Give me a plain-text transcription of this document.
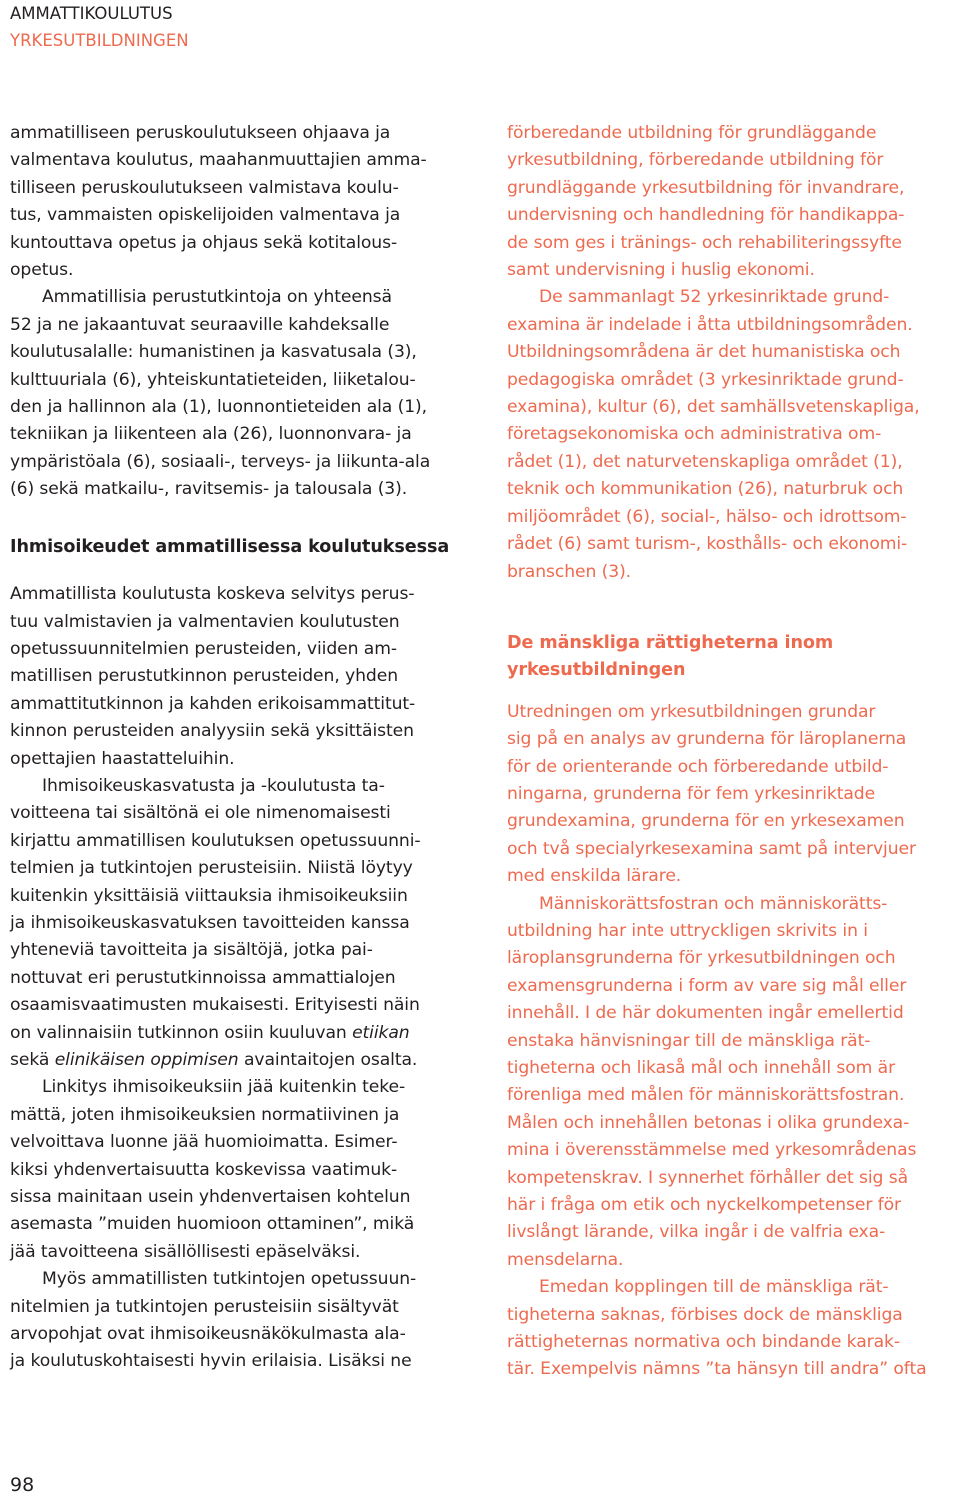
AMMATTIKOULUTUS
YRKESUTBILDNINGEN

ammatilliseen peruskoulutukseen ohjaava ja
valmentava koulutus, maahanmuuttajien amma-
tilliseen peruskoulutukseen valmistava koulu-
tus, vammaisten opiskelijoiden valmentava ja
kuntouttava opetus ja ohjaus sekä kotitalous-
opetus.

Ammatillisia perustutkintoja on yhteensä
52 ja ne jakaantuvat seuraaville kahdeksalle
koulutusalalle: humanistinen ja kasvatusala (3),
kulttuuriala (6), yhteiskuntatieteiden, liiketalou-
den ja hallinnon ala (1), luonnontieteiden ala (1),
tekniikan ja liikenteen ala (26), luonnonvara- ja
ympäristöala (6), sosiaali-, terveys- ja liikunta-ala
(6) sekä matkailu-, ravitsemis- ja talousala (3).

Ihmisoikeudet ammatillisessa koulutuksessa

Ammatillista koulutusta koskeva selvitys perus-
tuu valmistavien ja valmentavien koulutusten
opetussuunnitelmien perusteiden, viiden am-
matillisen perustutkinnon perusteiden, yhden
ammattitutkinnon ja kahden erikoisammattitut-
kinnon perusteiden analyysiin sekä yksittäisten
opettajien haastatteluihin.

Ihmisoikeuskasvatusta ja -koulutusta ta-
voitteena tai sisältönä ei ole nimenomaisesti
kirjattu ammatillisen koulutuksen opetussuunni-
telmien ja tutkintojen perusteisiin. Niistä löytyy
kuitenkin yksittäisiä viittauksia ihmisoikeuksiin
ja ihmisoikeuskasvatuksen tavoitteiden kanssa
yhteneviä tavoitteita ja sisältöjä, jotka pai-
nottuvat eri perustutkinnoissa ammattialojen
osaamisvaatimusten mukaisesti. Erityisesti näin
on valinnaisiin tutkinnon osiin kuuluvan etiikan
sekä elinikäisen oppimisen avaintaitojen osalta.

Linkitys ihmisoikeuksiin jää kuitenkin teke-
mättä, joten ihmisoikeuksien normatiivinen ja
velvoittava luonne jää huomioimatta. Esimer-
kiksi yhdenvertaisuutta koskevissa vaatimuk-
sissa mainitaan usein yhdenvertaisen kohtelun
asemasta ”muiden huomioon ottaminen”, mikä
jää tavoitteena sisällöllisesti epäselväksi.

Myös ammatillisten tutkintojen opetussuun-
nitelmien ja tutkintojen perusteisiin sisältyvät
arvopohjat ovat ihmisoikeusnäkökulmasta ala-
ja koulutuskohtaisesti hyvin erilaisia. Lisäksi ne

förberedande utbildning för grundläggande
yrkesutbildning, förberedande utbildning för
grundläggande yrkesutbildning för invandrare,
undervisning och handledning för handikappa-
de som ges i tränings- och rehabiliteringssyfte
samt undervisning i huslig ekonomi.

De sammanlagt 52 yrkesinriktade grund-
examina är indelade i åtta utbildningsområden.
Utbildningsområdena är det humanistiska och
pedagogiska området (3 yrkesinriktade grund-
examina), kultur (6), det samhällsvetenskapliga,
företagsekonomiska och administrativa om-
rådet (1), det naturvetenskapliga området (1),
teknik och kommunikation (26), naturbruk och
miljöområdet (6), social-, hälso- och idrottsom-
rådet (6) samt turism-, kosthålls- och ekonomi-
branschen (3).

De mänskliga rättigheterna inom
yrkesutbildningen

Utredningen om yrkesutbildningen grundar
sig på en analys av grunderna för läroplanerna
för de orienterande och förberedande utbild-
ningarna, grunderna för fem yrkesinriktade
grundexamina, grunderna för en yrkesexamen
och två specialyrkesexamina samt på intervjuer
med enskilda lärare.

Människorättsfostran och människorätts-
utbildning har inte uttryckligen skrivits in i
läroplansgrunderna för yrkesutbildningen och
examensgrunderna i form av vare sig mål eller
innehåll. I de här dokumenten ingår emellertid
enstaka hänvisningar till de mänskliga rät-
tigheterna och likaså mål och innehåll som är
förenliga med målen för människorättsfostran.
Målen och innehållen betonas i olika grundexa-
mina i överensstämmelse med yrkesområdenas
kompetenskrav. I synnerhet förhåller det sig så
här i fråga om etik och nyckelkompetenser för
livslångt lärande, vilka ingår i de valfria exa-
mensdelarna.

Emedan kopplingen till de mänskliga rät-
tigheterna saknas, förbises dock de mänskliga
rättigheternas normativa och bindande karak-
tär. Exempelvis nämns ”ta hänsyn till andra” ofta

98
